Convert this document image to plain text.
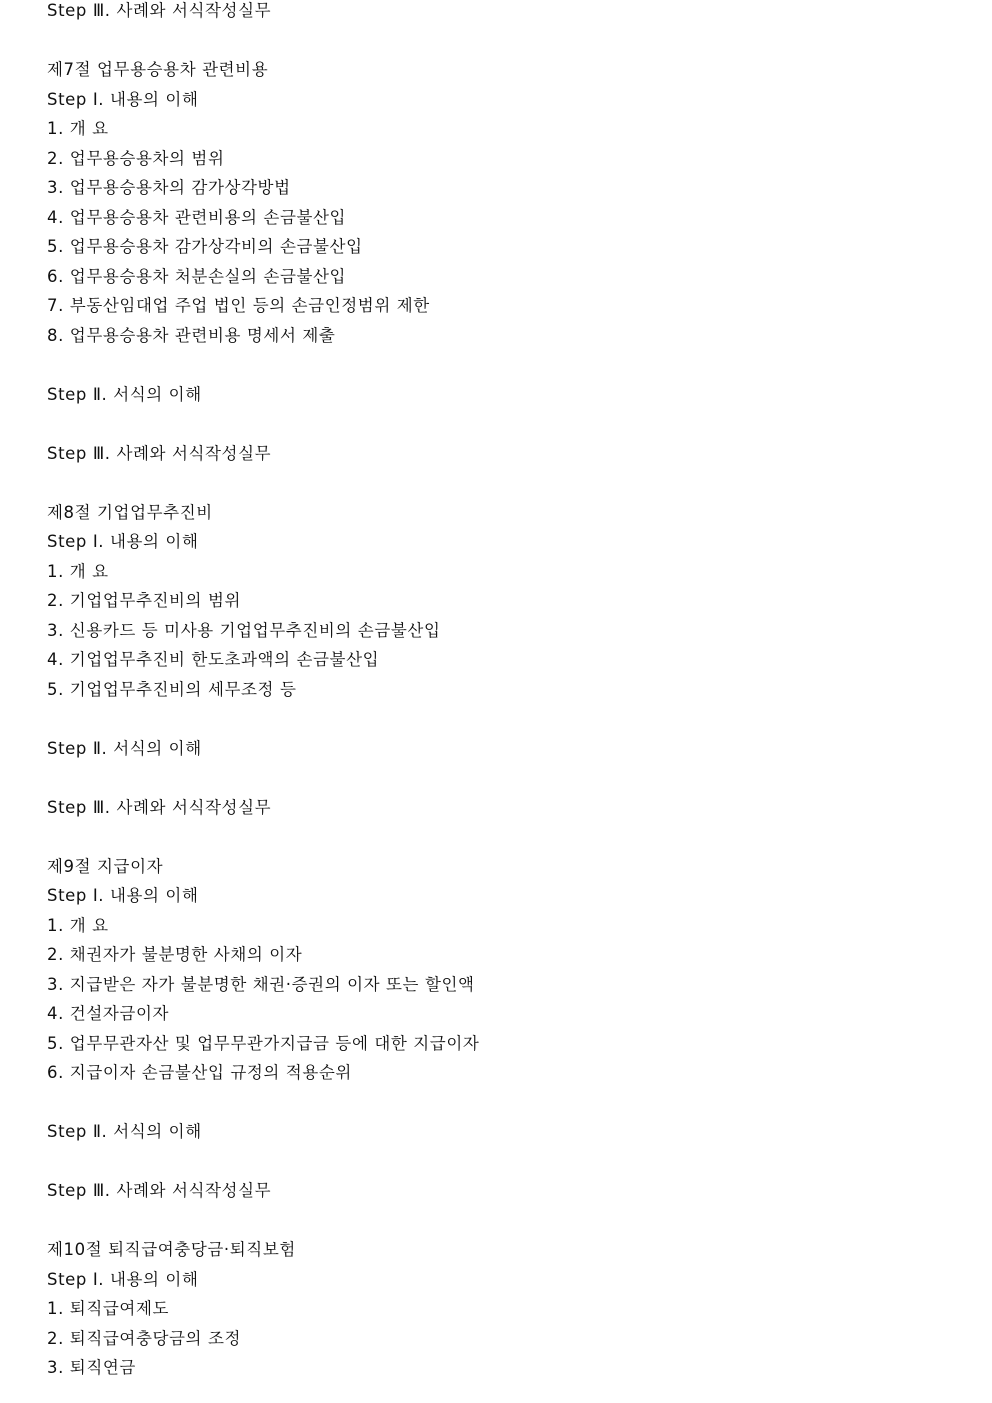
Step Ⅲ. 사례와 서식작성실무
제7절 업무용승용차 관련비용
Step Ⅰ. 내용의 이해
1. 개 요
2. 업무용승용차의 범위
3. 업무용승용차의 감가상각방법
4. 업무용승용차 관련비용의 손금불산입
5. 업무용승용차 감가상각비의 손금불산입
6. 업무용승용차 처분손실의 손금불산입
7. 부동산임대업 주업 법인 등의 손금인정범위 제한
8. 업무용승용차 관련비용 명세서 제출
Step Ⅱ. 서식의 이해
Step Ⅲ. 사례와 서식작성실무
제8절 기업업무추진비
Step Ⅰ. 내용의 이해
1. 개 요
2. 기업업무추진비의 범위
3. 신용카드 등 미사용 기업업무추진비의 손금불산입
4. 기업업무추진비 한도초과액의 손금불산입
5. 기업업무추진비의 세무조정 등
Step Ⅱ. 서식의 이해
Step Ⅲ. 사례와 서식작성실무
제9절 지급이자
Step Ⅰ. 내용의 이해
1. 개 요
2. 채권자가 불분명한 사채의 이자
3. 지급받은 자가 불분명한 채권·증권의 이자 또는 할인액
4. 건설자금이자
5. 업무무관자산 및 업무무관가지급금 등에 대한 지급이자
6. 지급이자 손금불산입 규정의 적용순위
Step Ⅱ. 서식의 이해
Step Ⅲ. 사례와 서식작성실무
제10절 퇴직급여충당금·퇴직보험
Step Ⅰ. 내용의 이해
1. 퇴직급여제도
2. 퇴직급여충당금의 조정
3. 퇴직연금
